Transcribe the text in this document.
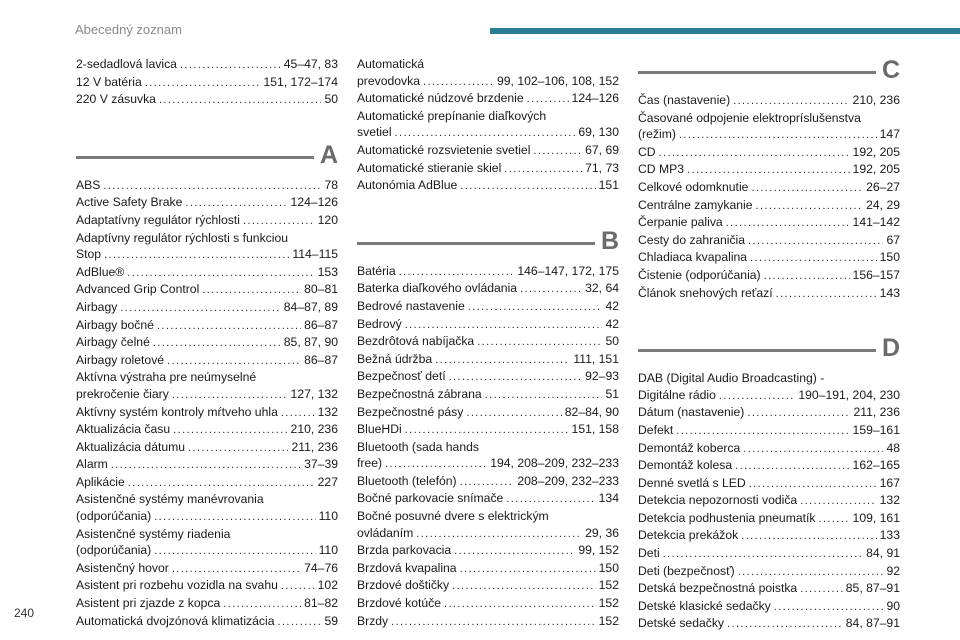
Abecedný zoznam
2-sedadlová lavica .....	45–47, 83
12 V batéria .....	151, 172–174
220 V zásuvka .....	50
A
ABS .....	78
Active Safety Brake .....	124–126
Adaptatívny regulátor rýchlosti .....	120
Adaptívny regulátor rýchlosti s funkciou
Stop .....	114–115
AdBlue® .....	153
Advanced Grip Control .....	80–81
Airbagy .....	84–87, 89
Airbagy bočné .....	86–87
Airbagy čelné .....	85, 87, 90
Airbagy roletové .....	86–87
Aktívna výstraha pre neúmyselné
prekročenie čiary .....	127, 132
Aktívny systém kontroly mŕtveho uhla .....	132
Aktualizácia času .....	210, 236
Aktualizácia dátumu .....	211, 236
Alarm .....	37–39
Aplikácie .....	227
Asistenčné systémy manévrovania
(odporúčania) .....	110
Asistenčné systémy riadenia
(odporúčania) .....	110
Asistenčný hovor .....	74–76
Asistent pri rozbehu vozidla na svahu .....	102
Asistent pri zjazde z kopca .....	81–82
Automatická dvojzónová klimatizácia .....	59
Automatická
prevodovka .....	99, 102–106, 108, 152
Automatické núdzové brzdenie .....	124–126
Automatické prepínanie diaľkových
svetiel .....	69, 130
Automatické rozsvietenie svetiel .....	67, 69
Automatické stieranie skiel .....	71, 73
Autonómia AdBlue .....	151
B
Batéria .....	146–147, 172, 175
Baterka diaľkového ovládania .....	32, 64
Bedrové nastavenie .....	42
Bedrový .....	42
Bezdrôtová nabíjačka .....	50
Bežná údržba .....	111, 151
Bezpečnosť detí .....	92–93
Bezpečnostná zábrana .....	51
Bezpečnostné pásy .....	82–84, 90
BlueHDi .....	151, 158
Bluetooth (sada hands
free) .....	194, 208–209, 232–233
Bluetooth (telefón) .....	208–209, 232–233
Bočné parkovacie snímače .....	134
Bočné posuvné dvere s elektrickým
ovládaním .....	29, 36
Brzda parkovacia .....	99, 152
Brzdová kvapalina .....	150
Brzdové doštičky .....	152
Brzdové kotúče .....	152
Brzdy .....	152
C
Čas (nastavenie) .....	210, 236
Časované odpojenie elektropríslušenstva
(režim) .....	147
CD .....	192, 205
CD MP3 .....	192, 205
Celkové odomknutie .....	26–27
Centrálne zamykanie .....	24, 29
Čerpanie paliva .....	141–142
Cesty do zahraničia .....	67
Chladiaca kvapalina .....	150
Čistenie (odporúčania) .....	156–157
Článok snehových reťazí .....	143
D
DAB (Digital Audio Broadcasting) -
Digitálne rádio .....	190–191, 204, 230
Dátum (nastavenie) .....	211, 236
Defekt .....	159–161
Demontáž koberca .....	48
Demontáž kolesa .....	162–165
Denné svetlá s LED .....	167
Detekcia nepozornosti vodiča .....	132
Detekcia podhustenia pneumatík .....	109, 161
Detekcia prekážok .....	133
Deti .....	84, 91
Deti (bezpečnosť) .....	92
Detská bezpečnostná poistka .....	85, 87–91
Detské klasické sedačky .....	90
Detské sedačky .....	84, 87–91
240
